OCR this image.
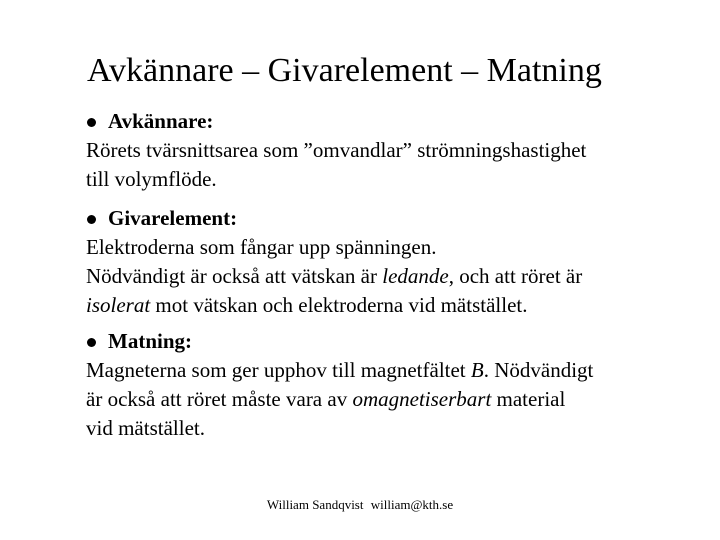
Avkännare – Givarelement – Matning
Avkännare:
Rörets tvärsnittsarea som ”omvandlar” strömningshastighet
till volymflöde.
Givarelement:
Elektroderna som fångar upp spänningen.
Nödvändigt är också att vätskan är ledande, och att röret är
isolerat mot vätskan och elektroderna vid mätstället.
Matning:
Magneterna som ger upphov till magnetfältet B. Nödvändigt
är också att röret måste vara av omagnetiserbart material
vid mätstället.
William Sandqvist william@kth.se
